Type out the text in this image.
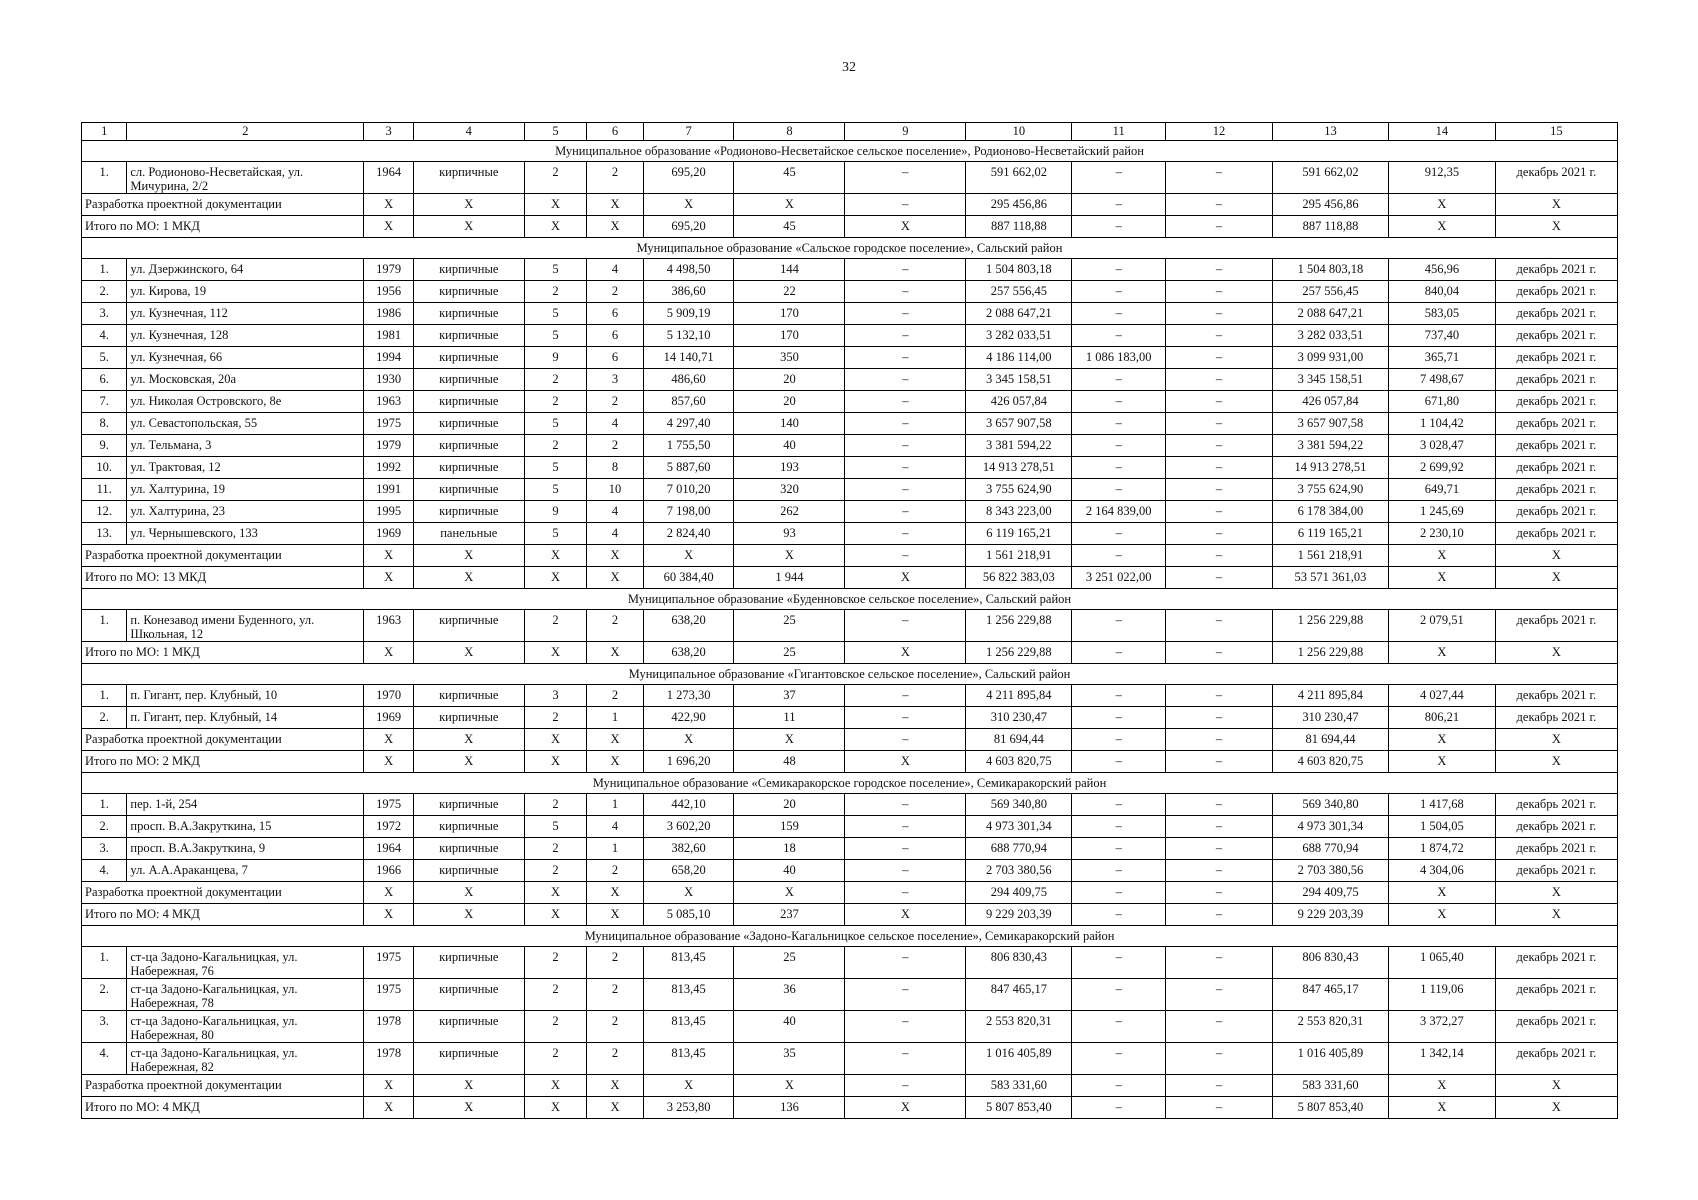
32
1	2	3	4	5	6	7	8	9	10	11	12	13	14	15
Муниципальное образование «Родионово-Несветайское сельское поселение», Родионово-Несветайский район														
1.	сл. Родионово-Несветайская, ул. Мичурина, 2/2	1964	кирпичные	2	2	695,20	45	–	591 662,02	–	–	591 662,02	912,35	декабрь 2021 г.
Разработка проектной документации		X	X	X	X	X	X	–	295 456,86	–	–	295 456,86	X	X
Итого по МО: 1 МКД		X	X	X	X	695,20	45	X	887 118,88	–	–	887 118,88	X	X
Муниципальное образование «Сальское городское поселение», Сальский район														
1.	ул. Дзержинского, 64	1979	кирпичные	5	4	4 498,50	144	–	1 504 803,18	–	–	1 504 803,18	456,96	декабрь 2021 г.
2.	ул. Кирова, 19	1956	кирпичные	2	2	386,60	22	–	257 556,45	–	–	257 556,45	840,04	декабрь 2021 г.
3.	ул. Кузнечная, 112	1986	кирпичные	5	6	5 909,19	170	–	2 088 647,21	–	–	2 088 647,21	583,05	декабрь 2021 г.
4.	ул. Кузнечная, 128	1981	кирпичные	5	6	5 132,10	170	–	3 282 033,51	–	–	3 282 033,51	737,40	декабрь 2021 г.
5.	ул. Кузнечная, 66	1994	кирпичные	9	6	14 140,71	350	–	4 186 114,00	1 086 183,00	–	3 099 931,00	365,71	декабрь 2021 г.
6.	ул. Московская, 20а	1930	кирпичные	2	3	486,60	20	–	3 345 158,51	–	–	3 345 158,51	7 498,67	декабрь 2021 г.
7.	ул. Николая Островского, 8е	1963	кирпичные	2	2	857,60	20	–	426 057,84	–	–	426 057,84	671,80	декабрь 2021 г.
8.	ул. Севастопольская, 55	1975	кирпичные	5	4	4 297,40	140	–	3 657 907,58	–	–	3 657 907,58	1 104,42	декабрь 2021 г.
9.	ул. Тельмана, 3	1979	кирпичные	2	2	1 755,50	40	–	3 381 594,22	–	–	3 381 594,22	3 028,47	декабрь 2021 г.
10.	ул. Трактовая, 12	1992	кирпичные	5	8	5 887,60	193	–	14 913 278,51	–	–	14 913 278,51	2 699,92	декабрь 2021 г.
11.	ул. Халтурина, 19	1991	кирпичные	5	10	7 010,20	320	–	3 755 624,90	–	–	3 755 624,90	649,71	декабрь 2021 г.
12.	ул. Халтурина, 23	1995	кирпичные	9	4	7 198,00	262	–	8 343 223,00	2 164 839,00	–	6 178 384,00	1 245,69	декабрь 2021 г.
13.	ул. Чернышевского, 133	1969	панельные	5	4	2 824,40	93	–	6 119 165,21	–	–	6 119 165,21	2 230,10	декабрь 2021 г.
Разработка проектной документации		X	X	X	X	X	X	–	1 561 218,91	–	–	1 561 218,91	X	X
Итого по МО: 13 МКД		X	X	X	X	60 384,40	1 944	X	56 822 383,03	3 251 022,00	–	53 571 361,03	X	X
Муниципальное образование «Буденновское сельское поселение», Сальский район														
1.	п. Конезавод имени Буденного, ул. Школьная, 12	1963	кирпичные	2	2	638,20	25	–	1 256 229,88	–	–	1 256 229,88	2 079,51	декабрь 2021 г.
Итого по МО: 1 МКД		X	X	X	X	638,20	25	X	1 256 229,88	–	–	1 256 229,88	X	X
Муниципальное образование «Гигантовское сельское поселение», Сальский район														
1.	п. Гигант, пер. Клубный, 10	1970	кирпичные	3	2	1 273,30	37	–	4 211 895,84	–	–	4 211 895,84	4 027,44	декабрь 2021 г.
2.	п. Гигант, пер. Клубный, 14	1969	кирпичные	2	1	422,90	11	–	310 230,47	–	–	310 230,47	806,21	декабрь 2021 г.
Разработка проектной документации		X	X	X	X	X	X	–	81 694,44	–	–	81 694,44	X	X
Итого по МО: 2 МКД		X	X	X	X	1 696,20	48	X	4 603 820,75	–	–	4 603 820,75	X	X
Муниципальное образование «Семикаракорское городское поселение», Семикаракорский район														
1.	пер. 1-й, 254	1975	кирпичные	2	1	442,10	20	–	569 340,80	–	–	569 340,80	1 417,68	декабрь 2021 г.
2.	просп. В.А.Закруткина, 15	1972	кирпичные	5	4	3 602,20	159	–	4 973 301,34	–	–	4 973 301,34	1 504,05	декабрь 2021 г.
3.	просп. В.А.Закруткина, 9	1964	кирпичные	2	1	382,60	18	–	688 770,94	–	–	688 770,94	1 874,72	декабрь 2021 г.
4.	ул. А.А.Араканцева, 7	1966	кирпичные	2	2	658,20	40	–	2 703 380,56	–	–	2 703 380,56	4 304,06	декабрь 2021 г.
Разработка проектной документации		X	X	X	X	X	X	–	294 409,75	–	–	294 409,75	X	X
Итого по МО: 4 МКД		X	X	X	X	5 085,10	237	X	9 229 203,39	–	–	9 229 203,39	X	X
Муниципальное образование «Задоно-Кагальницкое сельское поселение», Семикаракорский район														
1.	ст-ца Задоно-Кагальницкая, ул. Набережная, 76	1975	кирпичные	2	2	813,45	25	–	806 830,43	–	–	806 830,43	1 065,40	декабрь 2021 г.
2.	ст-ца Задоно-Кагальницкая, ул. Набережная, 78	1975	кирпичные	2	2	813,45	36	–	847 465,17	–	–	847 465,17	1 119,06	декабрь 2021 г.
3.	ст-ца Задоно-Кагальницкая, ул. Набережная, 80	1978	кирпичные	2	2	813,45	40	–	2 553 820,31	–	–	2 553 820,31	3 372,27	декабрь 2021 г.
4.	ст-ца Задоно-Кагальницкая, ул. Набережная, 82	1978	кирпичные	2	2	813,45	35	–	1 016 405,89	–	–	1 016 405,89	1 342,14	декабрь 2021 г.
Разработка проектной документации		X	X	X	X	X	X	–	583 331,60	–	–	583 331,60	X	X
Итого по МО: 4 МКД		X	X	X	X	3 253,80	136	X	5 807 853,40	–	–	5 807 853,40	X	X
